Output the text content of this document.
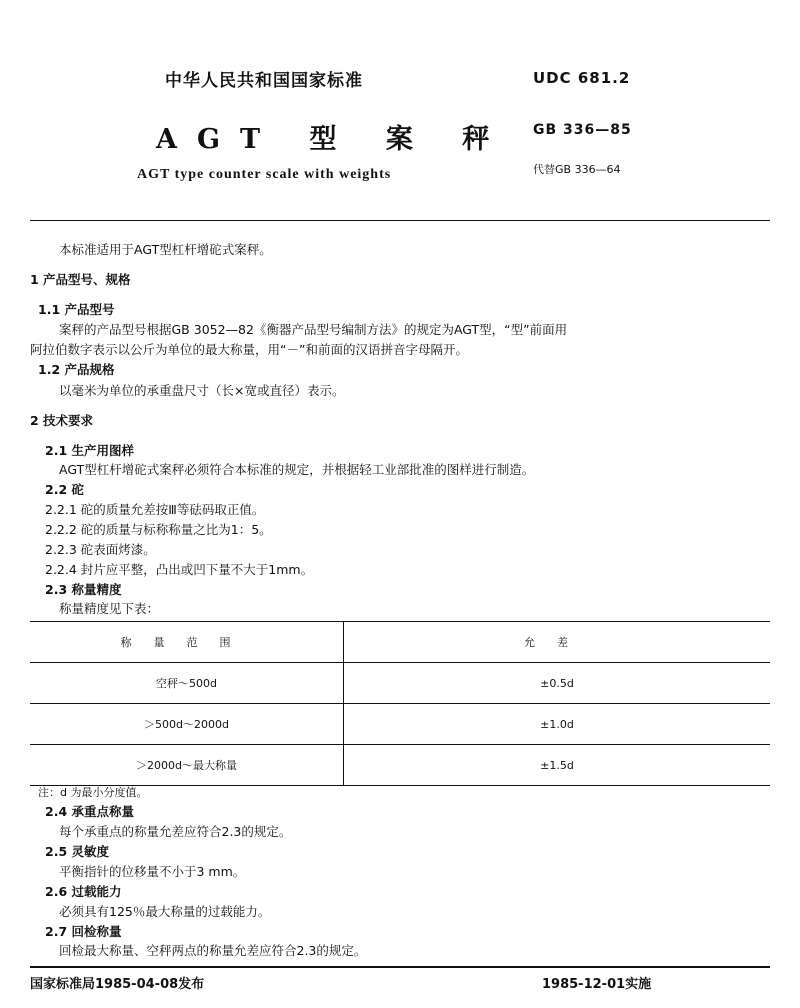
中华人民共和国国家标准	UDC 681.2
AGT 型 案 秤 GB 336—85
AGT type counter scale with weights	代替GB 336—64
本标准适用于AGT型杠杆增砣式案秤。
1 产品型号、规格
1.1 产品型号
案秤的产品型号根据GB 3052—82《衡器产品型号编制方法》的规定为AGT型，“型”前面用
阿拉伯数字表示以公斤为单位的最大称量，用“－”和前面的汉语拼音字母隔开。
1.2 产品规格
以毫米为单位的承重盘尺寸（长×宽或直径）表示。
2 技术要求
2.1 生产用图样
AGT型杠杆增砣式案秤必须符合本标准的规定，并根据轻工业部批准的图样进行制造。
2.2 砣
2.2.1 砣的质量允差按Ⅲ等砝码取正值。
2.2.2 砣的质量与标称称量之比为1：5。
2.2.3 砣表面烤漆。
2.2.4 封片应平整，凸出或凹下量不大于1mm。
2.3 称量精度
称量精度见下表：
称量范围	允差
空秤～500d	±0.5d
＞500d～2000d	±1.0d
＞2000d～最大称量	±1.5d
注：d 为最小分度值。
2.4 承重点称量
每个承重点的称量允差应符合2.3的规定。
2.5 灵敏度
平衡指针的位移量不小于3 mm。
2.6 过载能力
必须具有125％最大称量的过载能力。
2.7 回检称量
回检最大称量、空秤两点的称量允差应符合2.3的规定。
国家标准局1985-04-08发布	1985-12-01实施
